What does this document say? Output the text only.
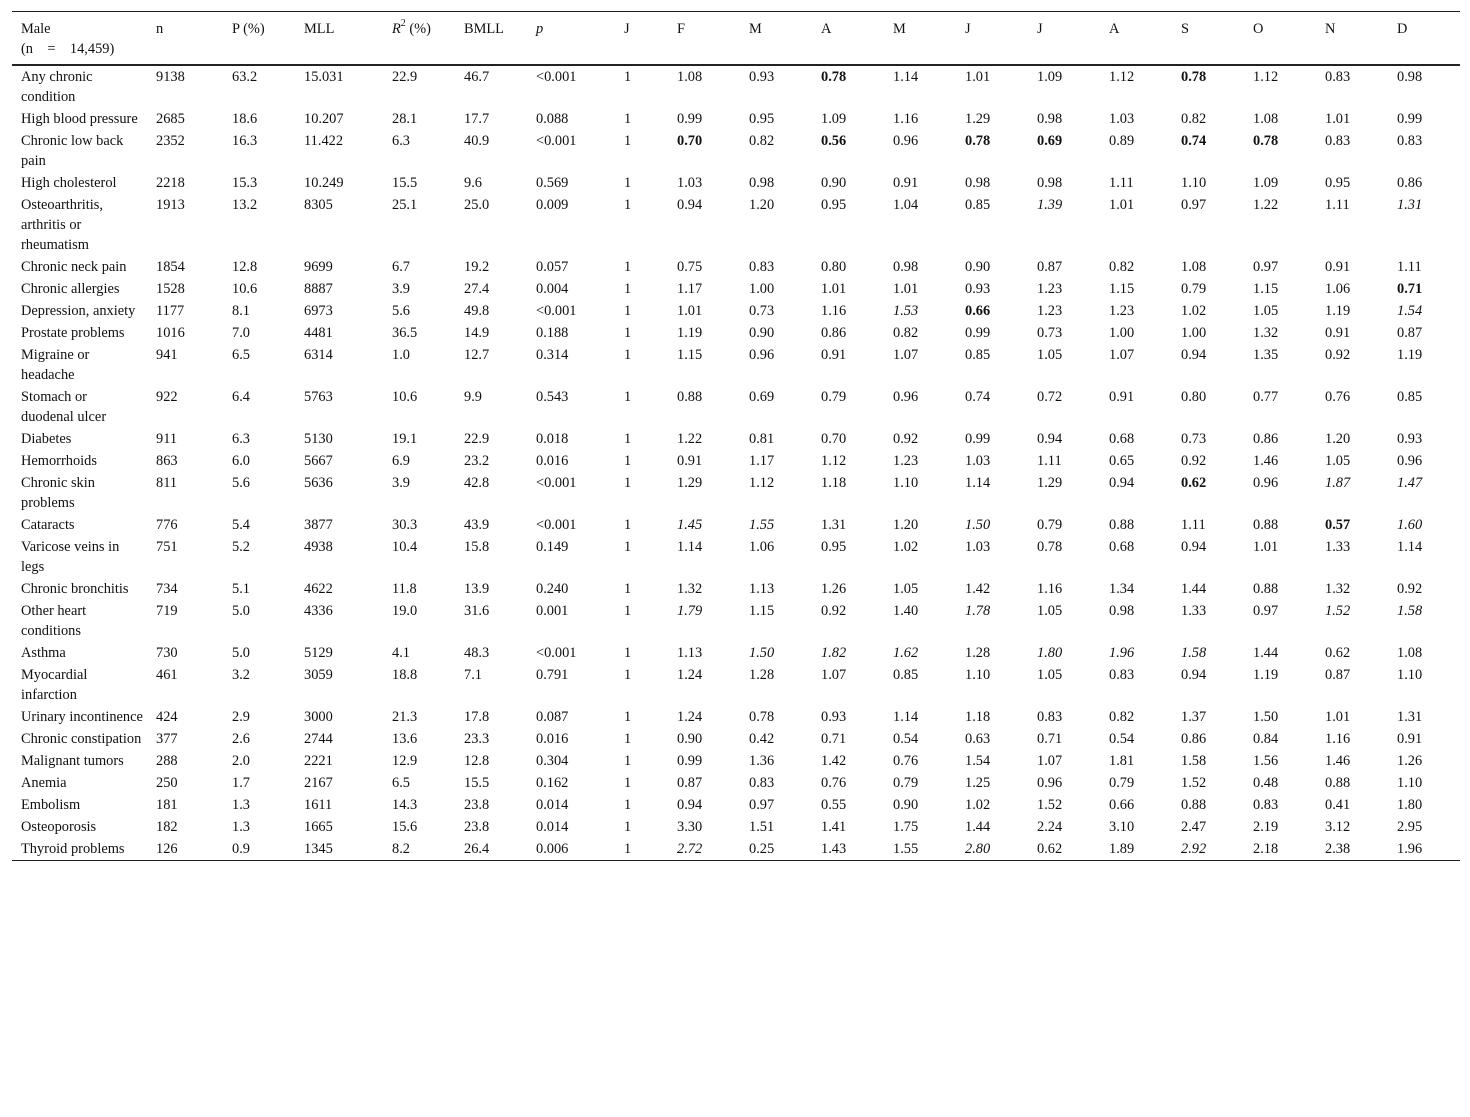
Male
(n = 14,459)	n	P (%)	MLL	$R^2$ (%)	BMLL	p	J	F	M	A	M	J	J	A	S	O	N	D
Any chronic condition	9138	63.2	15.031	22.9	46.7	<0.001	1	1.08	0.93	0.78	1.14	1.01	1.09	1.12	0.78	1.12	0.83	0.98
High blood pressure	2685	18.6	10.207	28.1	17.7	0.088	1	0.99	0.95	1.09	1.16	1.29	0.98	1.03	0.82	1.08	1.01	0.99
Chronic low back pain	2352	16.3	11.422	6.3	40.9	<0.001	1	0.70	0.82	0.56	0.96	0.78	0.69	0.89	0.74	0.78	0.83	0.83
High cholesterol	2218	15.3	10.249	15.5	9.6	0.569	1	1.03	0.98	0.90	0.91	0.98	0.98	1.11	1.10	1.09	0.95	0.86
Osteoarthritis, arthritis or rheumatism	1913	13.2	8305	25.1	25.0	0.009	1	0.94	1.20	0.95	1.04	0.85	1.39	1.01	0.97	1.22	1.11	1.31
Chronic neck pain	1854	12.8	9699	6.7	19.2	0.057	1	0.75	0.83	0.80	0.98	0.90	0.87	0.82	1.08	0.97	0.91	1.11
Chronic allergies	1528	10.6	8887	3.9	27.4	0.004	1	1.17	1.00	1.01	1.01	0.93	1.23	1.15	0.79	1.15	1.06	0.71
Depression, anxiety	1177	8.1	6973	5.6	49.8	<0.001	1	1.01	0.73	1.16	1.53	0.66	1.23	1.23	1.02	1.05	1.19	1.54
Prostate problems	1016	7.0	4481	36.5	14.9	0.188	1	1.19	0.90	0.86	0.82	0.99	0.73	1.00	1.00	1.32	0.91	0.87
Migraine or headache	941	6.5	6314	1.0	12.7	0.314	1	1.15	0.96	0.91	1.07	0.85	1.05	1.07	0.94	1.35	0.92	1.19
Stomach or duodenal ulcer	922	6.4	5763	10.6	9.9	0.543	1	0.88	0.69	0.79	0.96	0.74	0.72	0.91	0.80	0.77	0.76	0.85
Diabetes	911	6.3	5130	19.1	22.9	0.018	1	1.22	0.81	0.70	0.92	0.99	0.94	0.68	0.73	0.86	1.20	0.93
Hemorrhoids	863	6.0	5667	6.9	23.2	0.016	1	0.91	1.17	1.12	1.23	1.03	1.11	0.65	0.92	1.46	1.05	0.96
Chronic skin problems	811	5.6	5636	3.9	42.8	<0.001	1	1.29	1.12	1.18	1.10	1.14	1.29	0.94	0.62	0.96	1.87	1.47
Cataracts	776	5.4	3877	30.3	43.9	<0.001	1	1.45	1.55	1.31	1.20	1.50	0.79	0.88	1.11	0.88	0.57	1.60
Varicose veins in legs	751	5.2	4938	10.4	15.8	0.149	1	1.14	1.06	0.95	1.02	1.03	0.78	0.68	0.94	1.01	1.33	1.14
Chronic bronchitis	734	5.1	4622	11.8	13.9	0.240	1	1.32	1.13	1.26	1.05	1.42	1.16	1.34	1.44	0.88	1.32	0.92
Other heart conditions	719	5.0	4336	19.0	31.6	0.001	1	1.79	1.15	0.92	1.40	1.78	1.05	0.98	1.33	0.97	1.52	1.58
Asthma	730	5.0	5129	4.1	48.3	<0.001	1	1.13	1.50	1.82	1.62	1.28	1.80	1.96	1.58	1.44	0.62	1.08
Myocardial infarction	461	3.2	3059	18.8	7.1	0.791	1	1.24	1.28	1.07	0.85	1.10	1.05	0.83	0.94	1.19	0.87	1.10
Urinary incontinence	424	2.9	3000	21.3	17.8	0.087	1	1.24	0.78	0.93	1.14	1.18	0.83	0.82	1.37	1.50	1.01	1.31
Chronic constipation	377	2.6	2744	13.6	23.3	0.016	1	0.90	0.42	0.71	0.54	0.63	0.71	0.54	0.86	0.84	1.16	0.91
Malignant tumors	288	2.0	2221	12.9	12.8	0.304	1	0.99	1.36	1.42	0.76	1.54	1.07	1.81	1.58	1.56	1.46	1.26
Anemia	250	1.7	2167	6.5	15.5	0.162	1	0.87	0.83	0.76	0.79	1.25	0.96	0.79	1.52	0.48	0.88	1.10
Embolism	181	1.3	1611	14.3	23.8	0.014	1	0.94	0.97	0.55	0.90	1.02	1.52	0.66	0.88	0.83	0.41	1.80
Osteoporosis	182	1.3	1665	15.6	23.8	0.014	1	3.30	1.51	1.41	1.75	1.44	2.24	3.10	2.47	2.19	3.12	2.95
Thyroid problems	126	0.9	1345	8.2	26.4	0.006	1	2.72	0.25	1.43	1.55	2.80	0.62	1.89	2.92	2.18	2.38	1.96
